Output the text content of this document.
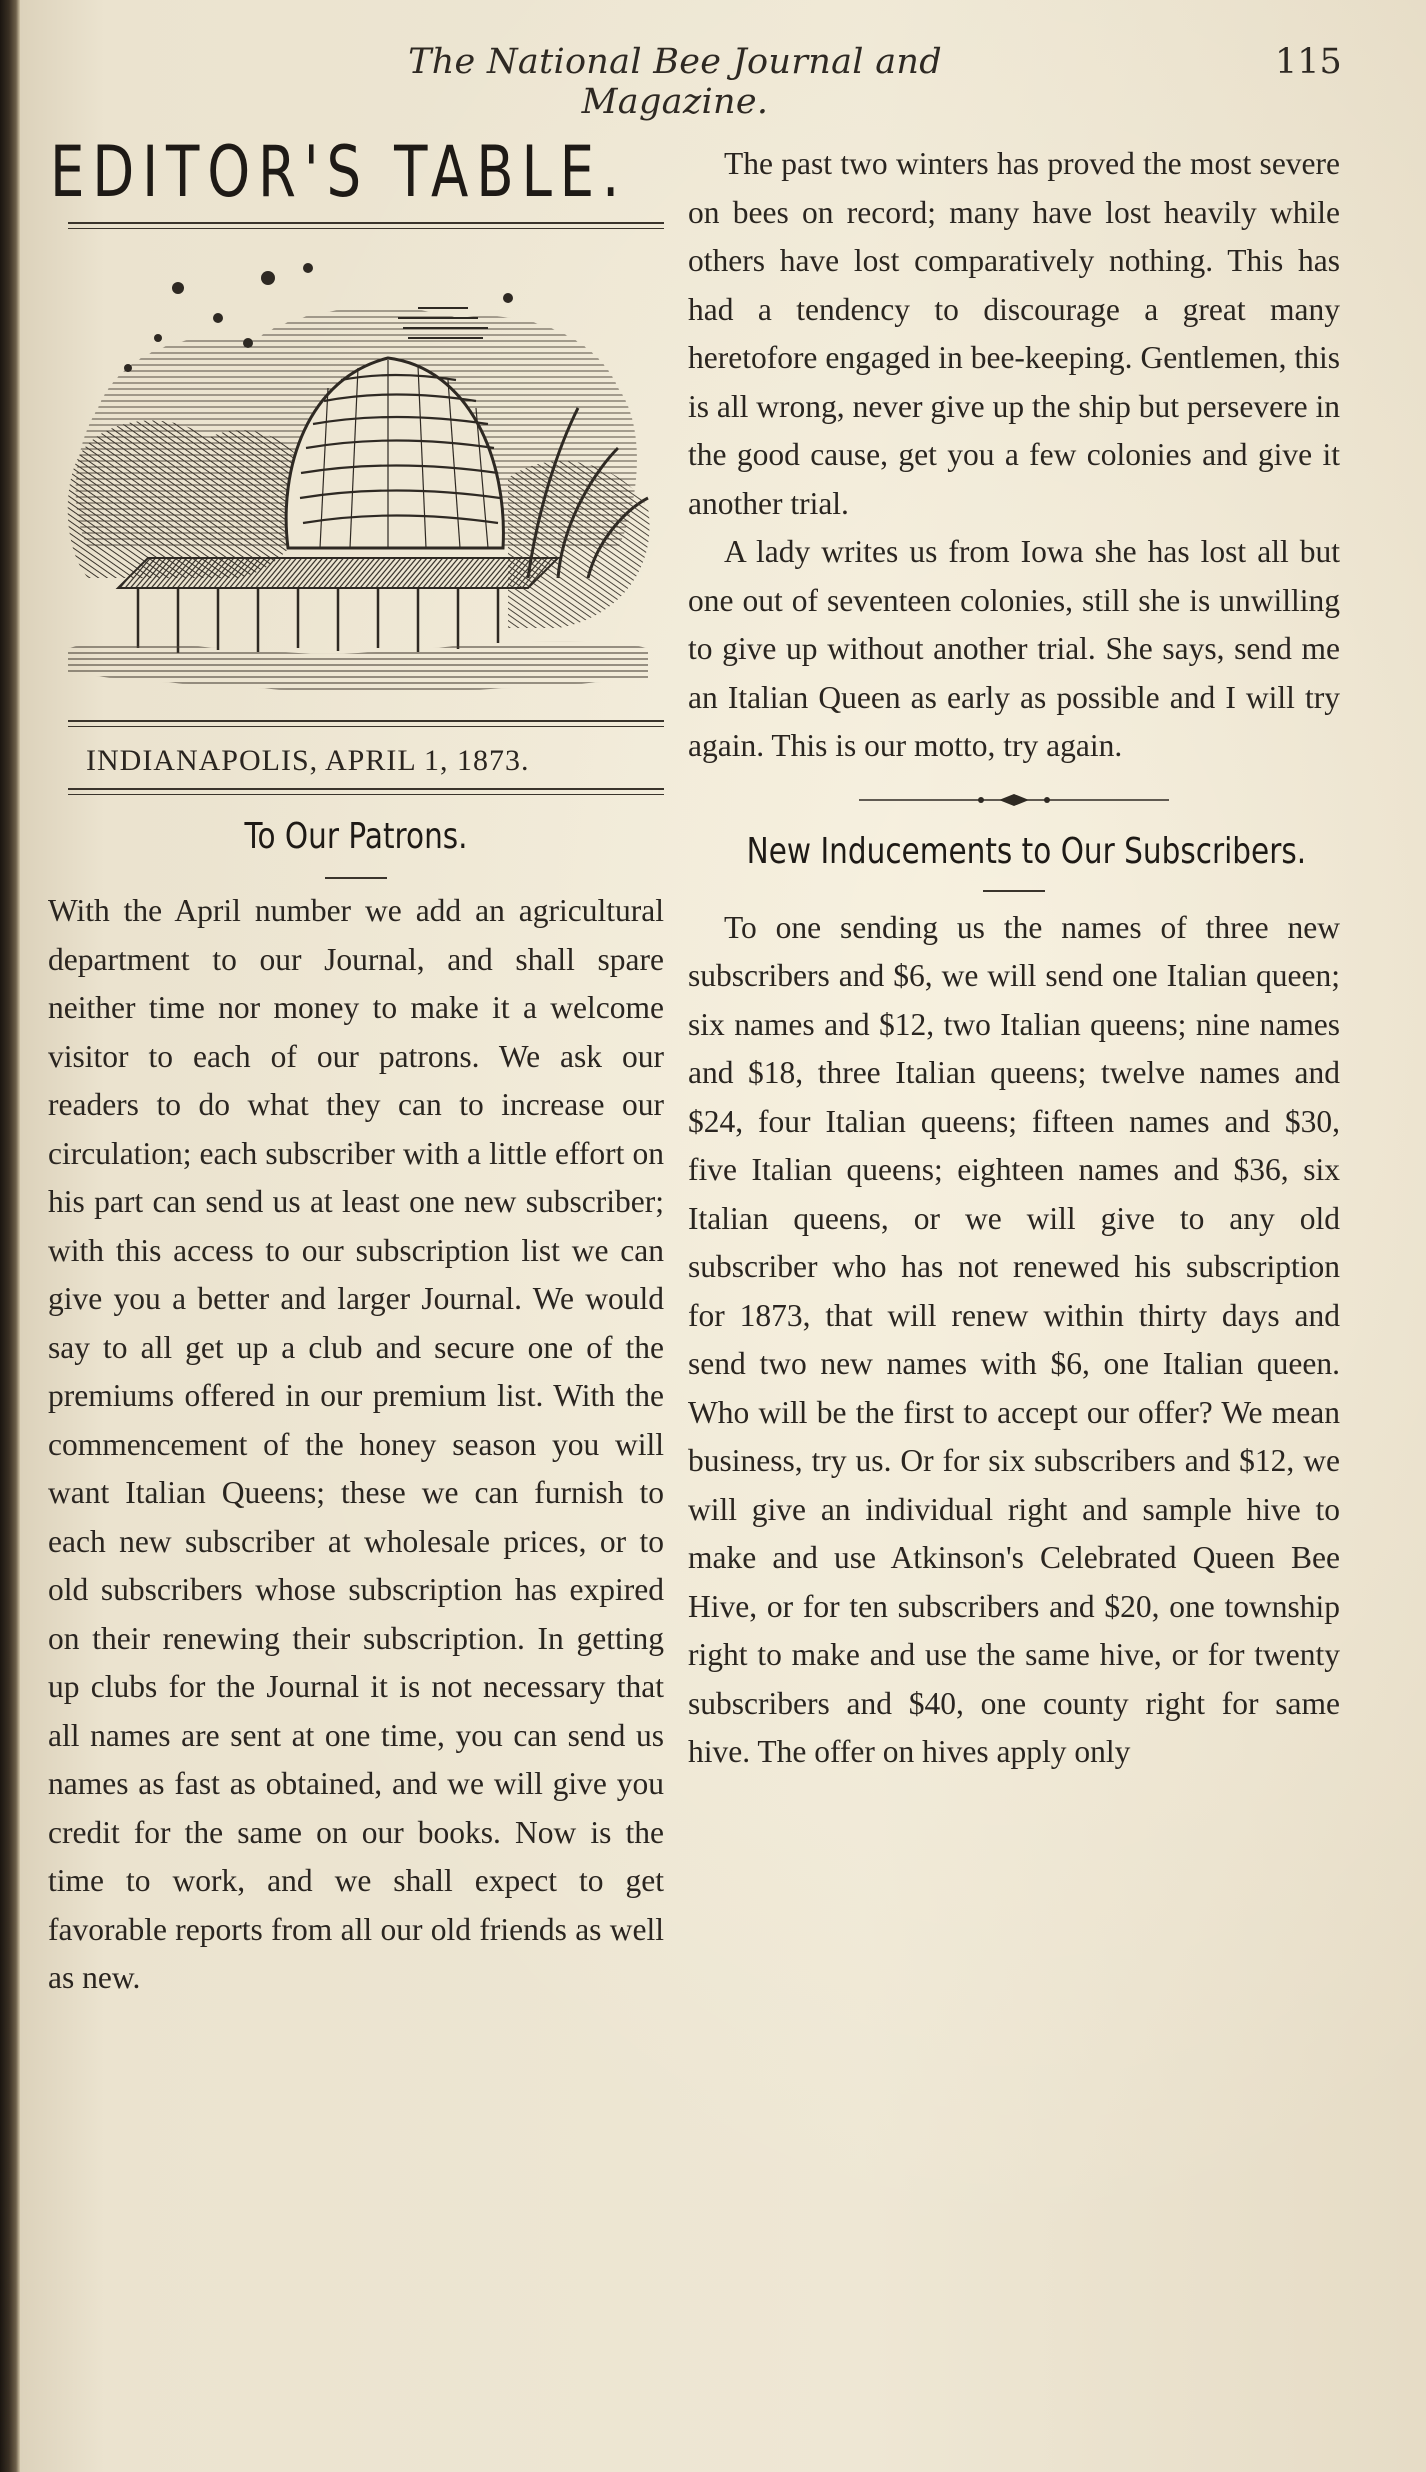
The National Bee Journal and Magazine.
115
EDITOR'S TABLE.
INDIANAPOLIS, APRIL 1, 1873.
To Our Patrons.

With the April number we add an agricultural department to our Journal, and shall spare neither time nor money to make it a welcome visitor to each of our patrons. We ask our readers to do what they can to increase our circulation; each subscriber with a little effort on his part can send us at least one new subscriber; with this access to our subscription list we can give you a better and larger Journal. We would say to all get up a club and secure one of the premiums offered in our premium list. With the commencement of the honey season you will want Italian Queens; these we can furnish to each new subscriber at wholesale prices, or to old subscribers whose subscription has expired on their renewing their subscription. In getting up clubs for the Journal it is not necessary that all names are sent at one time, you can send us names as fast as obtained, and we will give you credit for the same on our books. Now is the time to work, and we shall expect to get favorable reports from all our old friends as well as new.

The past two winters has proved the most severe on bees on record; many have lost heavily while others have lost comparatively nothing. This has had a tendency to discourage a great many heretofore engaged in bee-keeping. Gentlemen, this is all wrong, never give up the ship but persevere in the good cause, get you a few colonies and give it another trial.

A lady writes us from Iowa she has lost all but one out of seventeen colonies, still she is unwilling to give up without another trial. She says, send me an Italian Queen as early as possible and I will try again. This is our motto, try again.

New Inducements to Our Subscribers.

To one sending us the names of three new subscribers and $6, we will send one Italian queen; six names and $12, two Italian queens; nine names and $18, three Italian queens; twelve names and $24, four Italian queens; fifteen names and $30, five Italian queens; eighteen names and $36, six Italian queens, or we will give to any old subscriber who has not renewed his subscription for 1873, that will renew within thirty days and send two new names with $6, one Italian queen. Who will be the first to accept our offer? We mean business, try us. Or for six subscribers and $12, we will give an individual right and sample hive to make and use Atkinson's Celebrated Queen Bee Hive, or for ten subscribers and $20, one township right to make and use the same hive, or for twenty subscribers and $40, one county right for same hive. The offer on hives apply only
